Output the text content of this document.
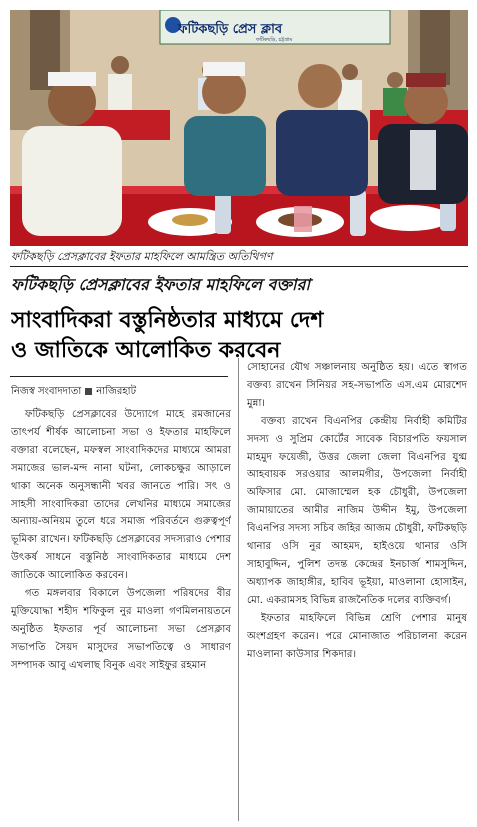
ফটিকছড়ি প্রেস ক্লাব
ফটিকছড়ি, চট্টগ্রাম
ফটিকছড়ি প্রেসক্লাবের ইফতার মাহফিলে আমন্ত্রিত অতিথিগণ
ফটিকছড়ি প্রেসক্লাবের ইফতার মাহফিলে বক্তারা
সাংবাদিকরা বস্তুনিষ্ঠতার মাধ্যমে দেশ
ও জাতিকে আলোকিত করবেন
নিজস্ব সংবাদদাতা নাজিরহাট

ফটিকছড়ি প্রেসক্লাবের উদ্যোগে মাহে রমজানের তাৎপর্য শীর্ষক আলোচনা সভা ও ইফতার মাহফিলে বক্তারা বলেছেন, মফস্বল সাংবাদিকদের মাধ্যমে আমরা সমাজের ভাল-মন্দ নানা ঘটনা, লোকচক্ষুর আড়ালে থাকা অনেক অনুসন্ধানী খবর জানতে পারি। সৎ ও সাহসী সাংবাদিকরা তাদের লেখনির মাধ্যমে সমাজের অন্যায়-অনিয়ম তুলে ধরে সমাজ পরিবর্তনে গুরুত্বপূর্ণ ভূমিকা রাখেন। ফটিকছড়ি প্রেসক্লাবের সদস্যরাও পেশার উৎকর্ষ সাধনে বস্তুনিষ্ঠ সাংবাদিকতার মাধ্যমে দেশ জাতিকে আলোকিত করবেন।

গত মঙ্গলবার বিকালে উপজেলা পরিষদের বীর মুক্তিযোদ্ধা শহীদ শফিকুল নুর মাওলা গণমিলনায়তনে অনুষ্ঠিত ইফতার পূর্ব আলোচনা সভা প্রেসক্লাব সভাপতি সৈয়দ মাসুদের সভাপতিত্বে ও সাধারণ সম্পাদক আবু এখলাছ বিনুক এবং সাইফুর রহমান

সোহানের যৌথ সঞ্চালনায় অনুষ্ঠিত হয়। এতে স্বাগত বক্তব্য রাখেন সিনিয়র সহ-সভাপতি এস.এম মোরশেদ মুন্না।

বক্তব্য রাখেন বিএনপির কেন্দ্রীয় নির্বাহী কমিটির সদস্য ও সুপ্রিম কোর্টের সাবেক বিচারপতি ফয়সাল মাহমুদ ফয়েজী, উত্তর জেলা জেলা বিএনপির যুগ্ম আহবায়ক সরওয়ার আলমগীর, উপজেলা নির্বাহী অফিসার মো. মোজাম্মেল হক চৌধুরী, উপজেলা জামায়াতের আমীর নাজিম উদ্দীন ইমু, উপজেলা বিএনপির সদস্য সচিব জহির আজম চৌধুরী, ফটিকছড়ি থানার ওসি নুর আহমদ, হাইওয়ে থানার ওসি সাহাবুদ্দিন, পুলিশ তদন্ত কেন্দ্রের ইনচার্জ শামসুদ্দিন, অধ্যাপক জাহাঙ্গীর, হাবিব ভূইয়া, মাওলানা হোসাইন, মো. একরামসহ বিভিন্ন রাজনৈতিক দলের ব্যক্তিবর্গ।

ইফতার মাহফিলে বিভিন্ন শ্রেণি পেশার মানুষ অংশগ্রহণ করেন। পরে মোনাজাত পরিচালনা করেন মাওলানা কাউসার শিকদার।
